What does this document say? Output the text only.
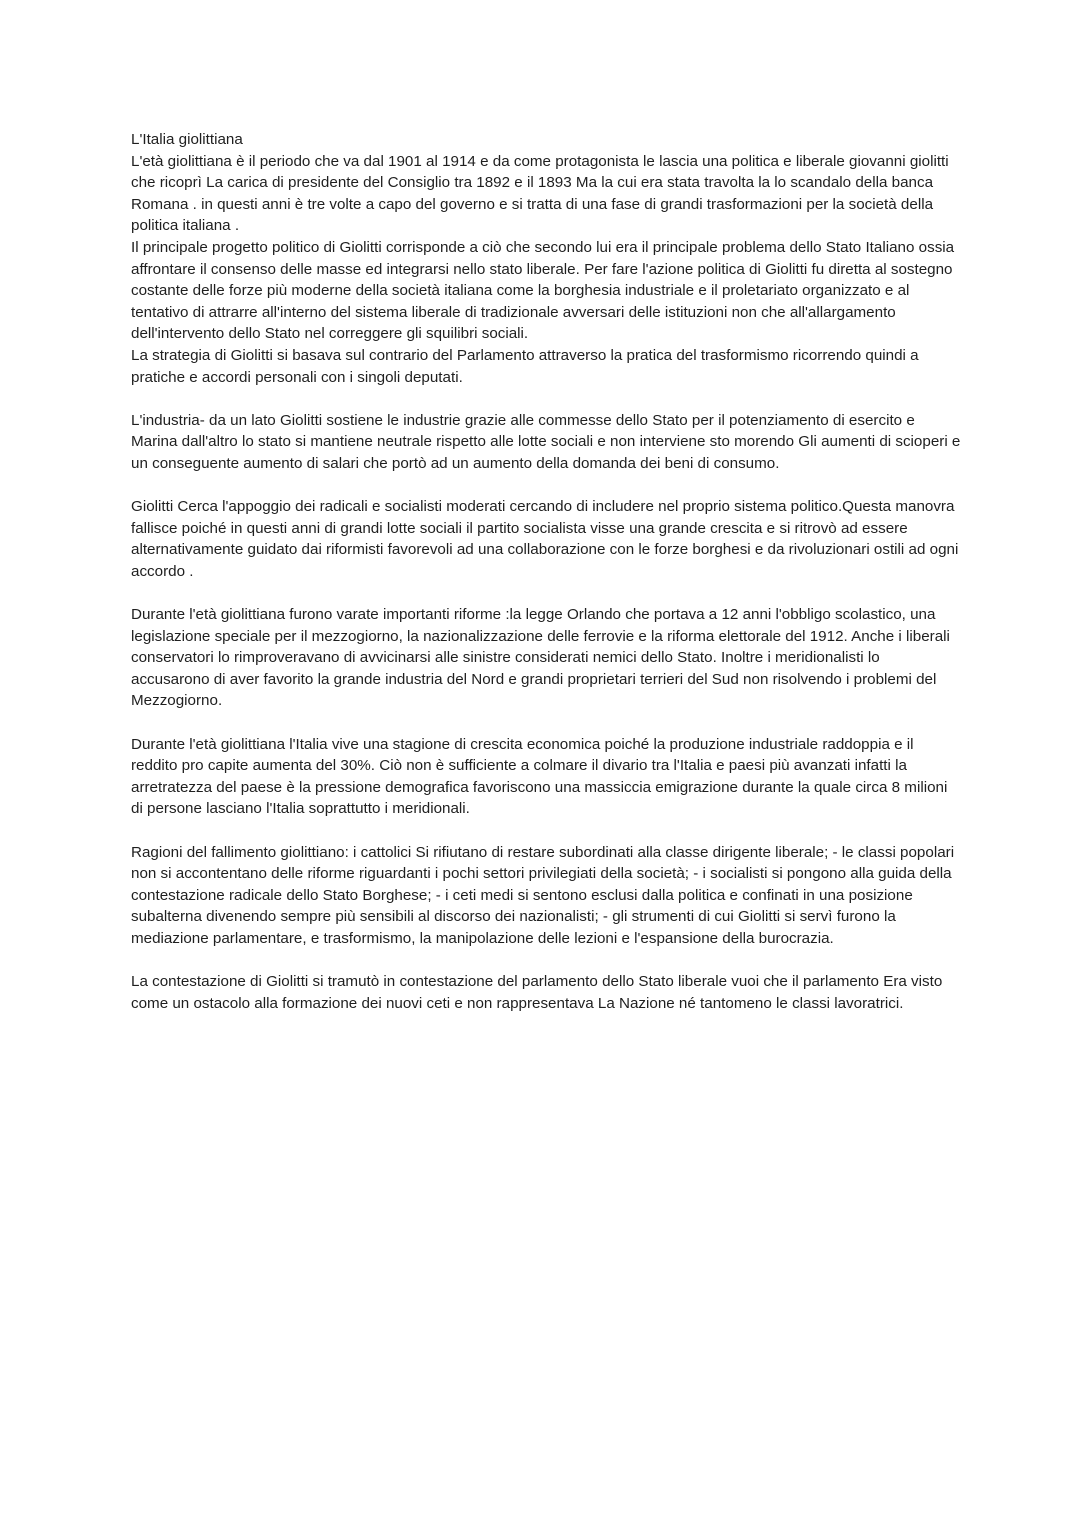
L'Italia giolittiana

L'età giolittiana è il periodo che va dal 1901 al 1914 e da come protagonista le lascia una politica e liberale giovanni giolitti che ricoprì La carica di presidente del Consiglio tra 1892 e il 1893 Ma la cui era stata travolta la lo scandalo della banca Romana . in questi anni è tre volte a capo del governo e si tratta di una fase di grandi trasformazioni per la società della politica italiana .

Il principale progetto politico di Giolitti corrisponde a ciò che secondo lui era il principale problema dello Stato Italiano ossia affrontare il consenso delle masse ed integrarsi nello stato liberale. Per fare l'azione politica di Giolitti fu diretta al sostegno costante delle forze più moderne della società italiana come la borghesia industriale e il proletariato organizzato e al tentativo di attrarre all'interno del sistema liberale di tradizionale avversari delle istituzioni non che all'allargamento dell'intervento dello Stato nel correggere gli squilibri sociali.

La strategia di Giolitti si basava sul contrario del Parlamento attraverso la pratica del trasformismo ricorrendo quindi a pratiche e accordi personali con i singoli deputati.

L'industria- da un lato Giolitti sostiene le industrie grazie alle commesse dello Stato per il potenziamento di esercito e Marina dall'altro lo stato si mantiene neutrale rispetto alle lotte sociali e non interviene sto morendo Gli aumenti di scioperi e un conseguente aumento di salari che portò ad un aumento della domanda dei beni di consumo.

Giolitti Cerca l'appoggio dei radicali e socialisti moderati cercando di includere nel proprio sistema politico.Questa manovra fallisce poiché in questi anni di grandi lotte sociali il partito socialista visse una grande crescita e si ritrovò ad essere alternativamente guidato dai riformisti favorevoli ad una collaborazione con le forze borghesi e da rivoluzionari ostili ad ogni accordo .

Durante l'età giolittiana furono varate importanti riforme :la legge Orlando che portava a 12 anni l'obbligo scolastico, una legislazione speciale per il mezzogiorno, la nazionalizzazione delle ferrovie e la riforma elettorale del 1912. Anche i liberali conservatori lo rimproveravano di avvicinarsi alle sinistre considerati nemici dello Stato. Inoltre i meridionalisti lo accusarono di aver favorito la grande industria del Nord e grandi proprietari terrieri del Sud non risolvendo i problemi del Mezzogiorno.

Durante l'età giolittiana l'Italia vive una stagione di crescita economica poiché la produzione industriale raddoppia e il reddito pro capite aumenta del 30%. Ciò non è sufficiente a colmare il divario tra l'Italia e paesi più avanzati infatti la arretratezza del paese è la pressione demografica favoriscono una massiccia emigrazione durante la quale circa 8 milioni di persone lasciano l'Italia soprattutto i meridionali.

Ragioni del fallimento giolittiano: i cattolici Si rifiutano di restare subordinati alla classe dirigente liberale; - le classi popolari non si accontentano delle riforme riguardanti i pochi settori privilegiati della società; - i socialisti si pongono alla guida della contestazione radicale dello Stato Borghese; - i ceti medi si sentono esclusi dalla politica e confinati in una posizione subalterna divenendo sempre più sensibili al discorso dei nazionalisti; - gli strumenti di cui Giolitti si servì furono la mediazione parlamentare, e trasformismo, la manipolazione delle lezioni e l'espansione della burocrazia.

La contestazione di Giolitti si tramutò in contestazione del parlamento dello Stato liberale vuoi che il parlamento Era visto come un ostacolo alla formazione dei nuovi ceti e non rappresentava La Nazione né tantomeno le classi lavoratrici.
